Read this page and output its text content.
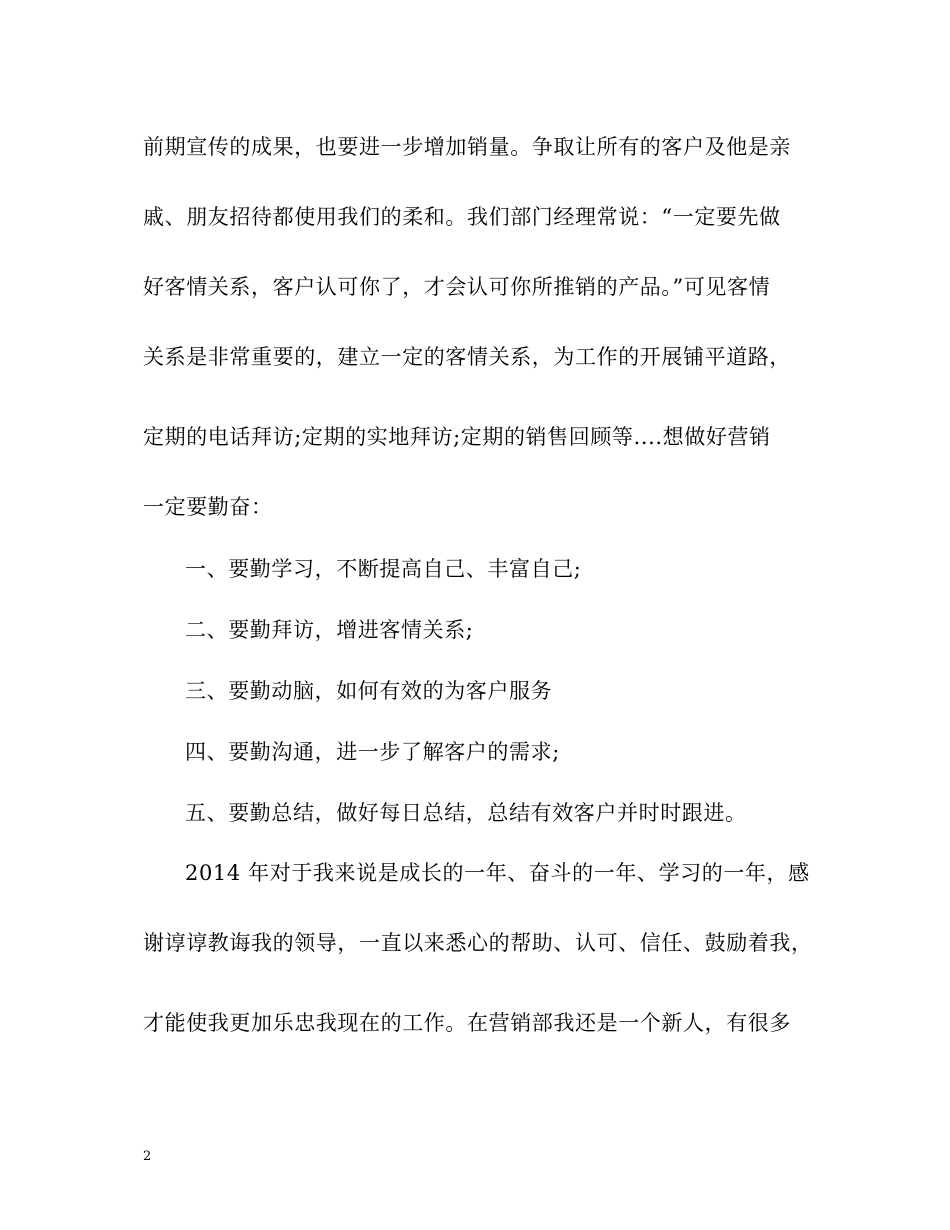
前期宣传的成果，也要进一步增加销量。争取让所有的客户及他是亲
戚、朋友招待都使用我们的柔和。我们部门经理常说：“一定要先做
好客情关系，客户认可你了，才会认可你所推销的产品。”可见客情
关系是非常重要的，建立一定的客情关系，为工作的开展铺平道路，
定期的电话拜访;定期的实地拜访;定期的销售回顾等....想做好营销
一定要勤奋：
一、要勤学习，不断提高自己、丰富自己;
二、要勤拜访，增进客情关系;
三、要勤动脑，如何有效的为客户服务
四、要勤沟通，进一步了解客户的需求;
五、要勤总结，做好每日总结，总结有效客户并时时跟进。
2014 年对于我来说是成长的一年、奋斗的一年、学习的一年，感
谢谆谆教诲我的领导，一直以来悉心的帮助、认可、信任、鼓励着我，
才能使我更加乐忠我现在的工作。在营销部我还是一个新人，有很多
2
